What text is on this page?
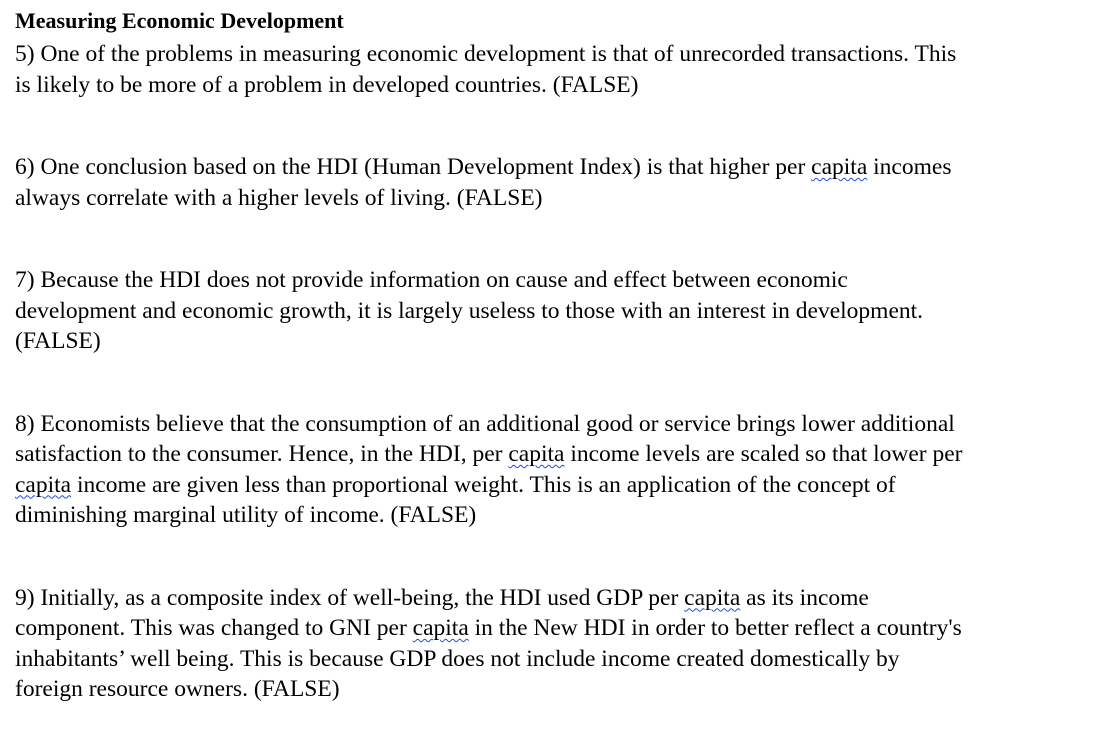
Measuring Economic Development

5) One of the problems in measuring economic development is that of unrecorded transactions. This
is likely to be more of a problem in developed countries. (FALSE)

6) One conclusion based on the HDI (Human Development Index) is that higher per capita incomes
always correlate with a higher levels of living. (FALSE)

7) Because the HDI does not provide information on cause and effect between economic
development and economic growth, it is largely useless to those with an interest in development.
(FALSE)

8) Economists believe that the consumption of an additional good or service brings lower additional
satisfaction to the consumer. Hence, in the HDI, per capita income levels are scaled so that lower per
capita income are given less than proportional weight. This is an application of the concept of
diminishing marginal utility of income. (FALSE)

9) Initially, as a composite index of well-being, the HDI used GDP per capita as its income
component. This was changed to GNI per capita in the New HDI in order to better reflect a country's
inhabitants’ well being. This is because GDP does not include income created domestically by
foreign resource owners. (FALSE)
